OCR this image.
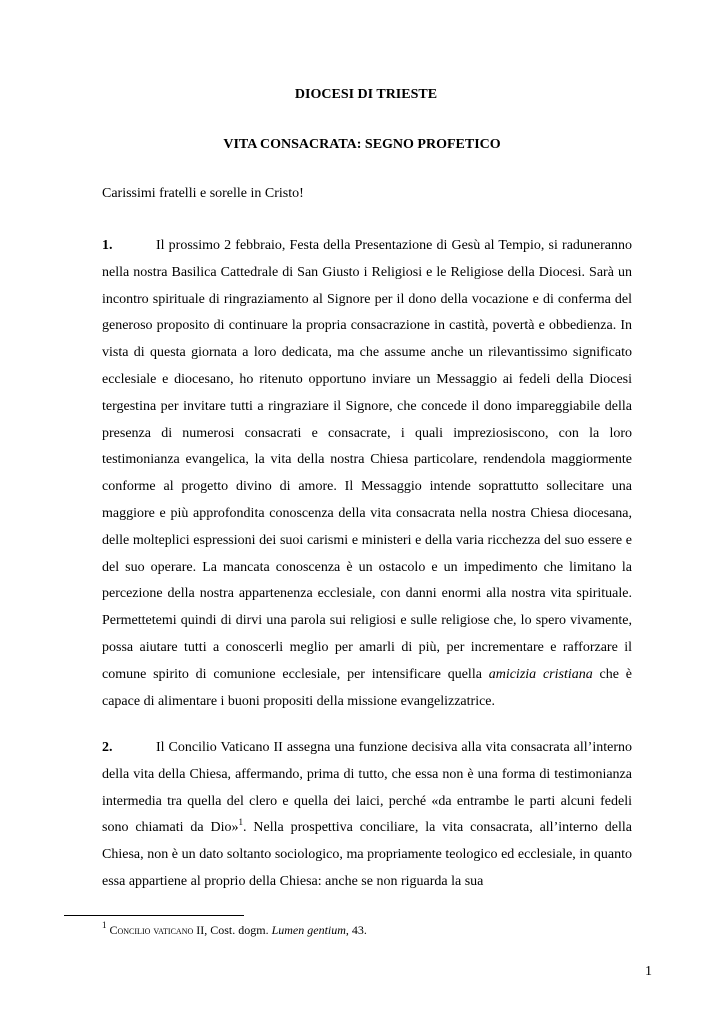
DIOCESI DI TRIESTE
VITA CONSACRATA: SEGNO PROFETICO

Carissimi fratelli e sorelle in Cristo!

1.	Il prossimo 2 febbraio, Festa della Presentazione di Gesù al Tempio, si raduneranno nella nostra Basilica Cattedrale di San Giusto i Religiosi e le Religiose della Diocesi. Sarà un incontro spirituale di ringraziamento al Signore per il dono della vocazione e di conferma del generoso proposito di continuare la propria consacrazione in castità, povertà e obbedienza. In vista di questa giornata a loro dedicata, ma che assume anche un rilevantissimo significato ecclesiale e diocesano, ho ritenuto opportuno inviare un Messaggio ai fedeli della Diocesi tergestina per invitare tutti a ringraziare il Signore, che concede il dono impareggiabile della presenza di numerosi consacrati e consacrate, i quali impreziosiscono, con la loro testimonianza evangelica, la vita della nostra Chiesa particolare, rendendola maggiormente conforme al progetto divino di amore. Il Messaggio intende soprattutto sollecitare una maggiore e più approfondita conoscenza della vita consacrata nella nostra Chiesa diocesana, delle molteplici espressioni dei suoi carismi e ministeri e della varia ricchezza del suo essere e del suo operare. La mancata conoscenza è un ostacolo e un impedimento che limitano la percezione della nostra appartenenza ecclesiale, con danni enormi alla nostra vita spirituale. Permettetemi quindi di dirvi una parola sui religiosi e sulle religiose che, lo spero vivamente, possa aiutare tutti a conoscerli meglio per amarli di più, per incrementare e rafforzare il comune spirito di comunione ecclesiale, per intensificare quella amicizia cristiana che è capace di alimentare i buoni propositi della missione evangelizzatrice.

2.	Il Concilio Vaticano II assegna una funzione decisiva alla vita consacrata all’interno della vita della Chiesa, affermando, prima di tutto, che essa non è una forma di testimonianza intermedia tra quella del clero e quella dei laici, perché «da entrambe le parti alcuni fedeli sono chiamati da Dio»$^1$. Nella prospettiva conciliare, la vita consacrata, all’interno della Chiesa, non è un dato soltanto sociologico, ma propriamente teologico ed ecclesiale, in quanto essa appartiene al proprio della Chiesa: anche se non riguarda la sua

$^1$ Concilio vaticano II, Cost. dogm. Lumen gentium, 43.

1
